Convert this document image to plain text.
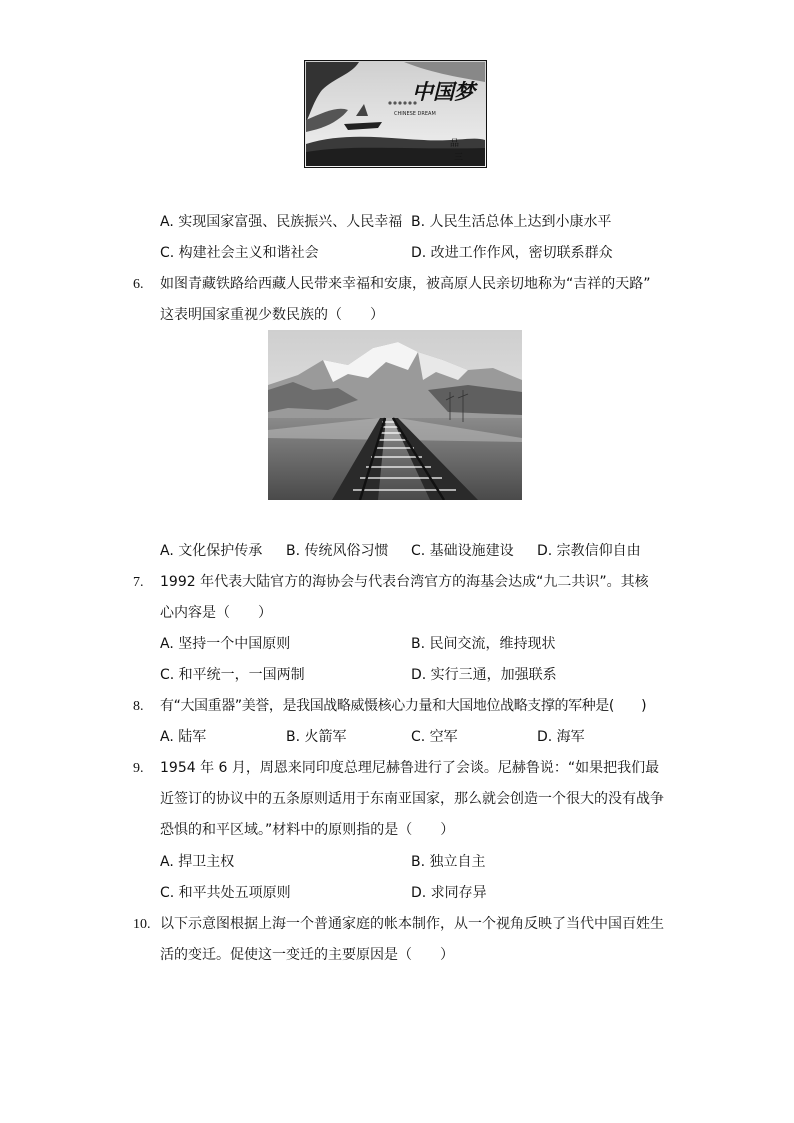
品
三
中国梦
CHINESE DREAM
A. 实现国家富强、民族振兴、人民幸福 B. 人民生活总体上达到小康水平
C. 构建社会主义和谐社会	D. 改进工作作风，密切联系群众
6. 如图青藏铁路给西藏人民带来幸福和安康，被高原人民亲切地称为“吉祥的天路”
这表明国家重视少数民族的（　　）
A. 文化保护传承 B. 传统风俗习惯 C. 基础设施建设 D. 宗教信仰自由
7. 1992 年代表大陆官方的海协会与代表台湾官方的海基会达成“九二共识”。其核
心内容是（　　）
A. 坚持一个中国原则	B. 民间交流，维持现状
C. 和平统一，一国两制	D. 实行三通，加强联系
8. 有“大国重器”美誉，是我国战略威慑核心力量和大国地位战略支撑的军种是(　　)
A. 陆军	B. 火箭军	C. 空军	D. 海军
9. 1954 年 6 月，周恩来同印度总理尼赫鲁进行了会谈。尼赫鲁说：“如果把我们最
近签订的协议中的五条原则适用于东南亚国家，那么就会创造一个很大的没有战争
恐惧的和平区域。”材料中的原则指的是（　　）
A. 捍卫主权	B. 独立自主
C. 和平共处五项原则	D. 求同存异
10. 以下示意图根据上海一个普通家庭的帐本制作，从一个视角反映了当代中国百姓生
活的变迁。促使这一变迁的主要原因是（　　）
